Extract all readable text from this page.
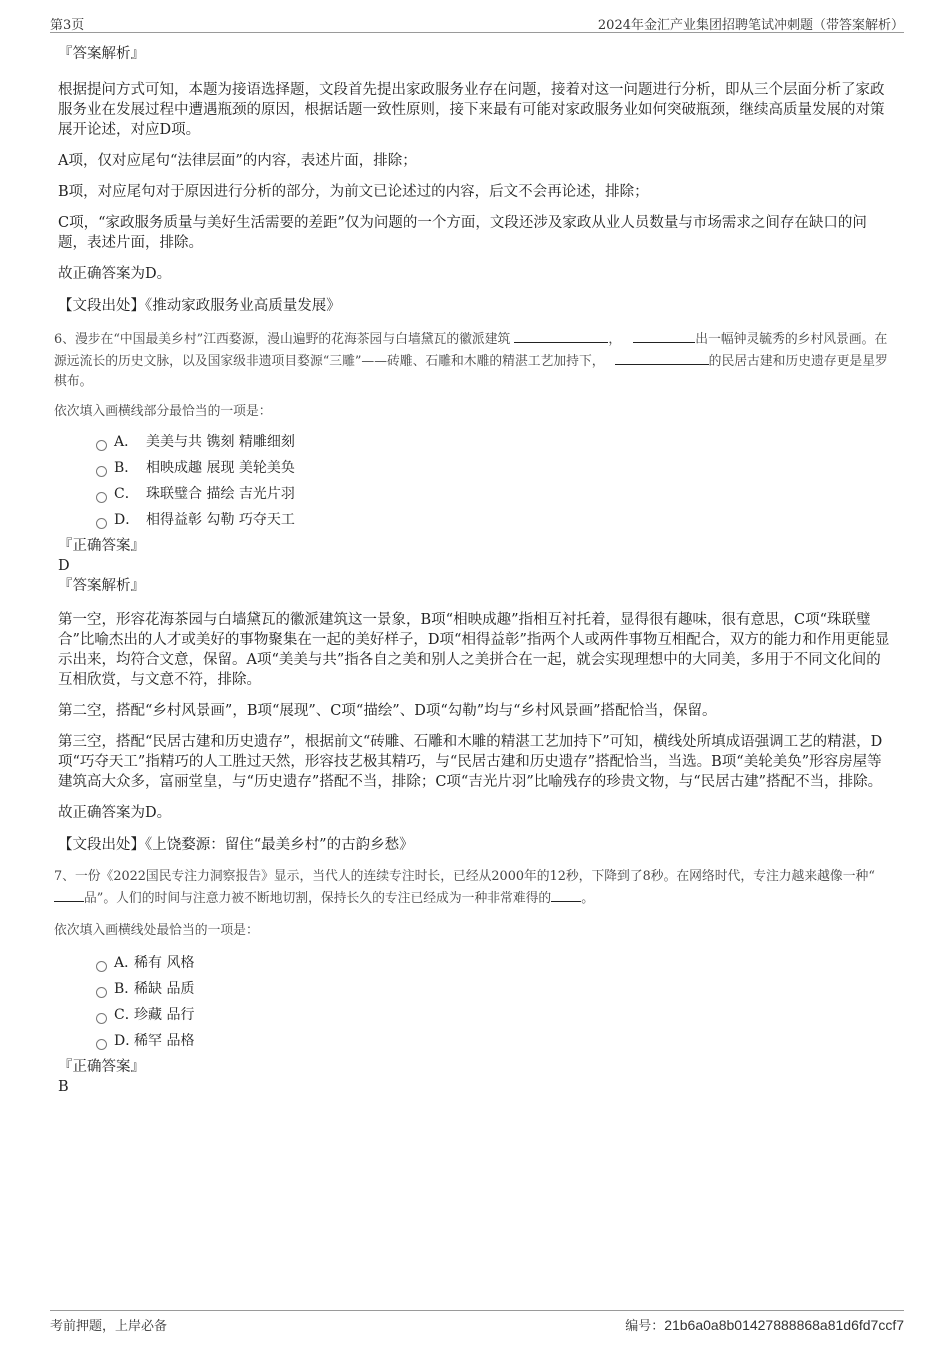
第3页	2024年金汇产业集团招聘笔试冲刺题（带答案解析）

『答案解析』

根据提问方式可知，本题为接语选择题，文段首先提出家政服务业存在问题，接着对这一问题进行分析，即从三个层面分析了家政服务业在发展过程中遭遇瓶颈的原因，根据话题一致性原则，接下来最有可能对家政服务业如何突破瓶颈，继续高质量发展的对策展开论述，对应D项。

A项，仅对应尾句“法律层面”的内容，表述片面，排除；

B项，对应尾句对于原因进行分析的部分，为前文已论述过的内容，后文不会再论述，排除；

C项，“家政服务质量与美好生活需要的差距”仅为问题的一个方面，文段还涉及家政从业人员数量与市场需求之间存在缺口的问题，表述片面，排除。

故正确答案为D。

【文段出处】《推动家政服务业高质量发展》

6、漫步在“中国最美乡村”江西婺源，漫山遍野的花海茶园与白墙黛瓦的徽派建筑	，	出一幅钟灵毓秀的乡村风景画。在源远流长的历史文脉，以及国家级非遗项目婺源“三雕”——砖雕、石雕和木雕的精湛工艺加持下，	的民居古建和历史遗存更是星罗棋布。

依次填入画横线部分最恰当的一项是：

A． 美美与共 镌刻 精雕细刻
B． 相映成趣 展现 美轮美奂
C． 珠联璧合 描绘 吉光片羽
D． 相得益彰 勾勒 巧夺天工

『正确答案』

D

『答案解析』

第一空，形容花海茶园与白墙黛瓦的徽派建筑这一景象，B项“相映成趣”指相互衬托着，显得很有趣味，很有意思，C项“珠联璧合”比喻杰出的人才或美好的事物聚集在一起的美好样子，D项“相得益彰”指两个人或两件事物互相配合，双方的能力和作用更能显示出来，均符合文意，保留。A项“美美与共”指各自之美和别人之美拼合在一起，就会实现理想中的大同美，多用于不同文化间的互相欣赏，与文意不符，排除。

第二空，搭配“乡村风景画”，B项“展现”、C项“描绘”、D项“勾勒”均与“乡村风景画”搭配恰当，保留。

第三空，搭配“民居古建和历史遗存”，根据前文“砖雕、石雕和木雕的精湛工艺加持下”可知，横线处所填成语强调工艺的精湛，D项“巧夺天工”指精巧的人工胜过天然，形容技艺极其精巧，与“民居古建和历史遗存”搭配恰当，当选。B项“美轮美奂”形容房屋等建筑高大众多，富丽堂皇，与“历史遗存”搭配不当，排除；C项“吉光片羽”比喻残存的珍贵文物，与“民居古建”搭配不当，排除。

故正确答案为D。

【文段出处】《上饶婺源：留住“最美乡村”的古韵乡愁》

7、一份《2022国民专注力洞察报告》显示，当代人的连续专注时长，已经从2000年的12秒，下降到了8秒。在网络时代，专注力越来越像一种“品”。人们的时间与注意力被不断地切割，保持长久的专注已经成为一种非常难得的 。

依次填入画横线处最恰当的一项是：

A．稀有 风格
B．稀缺 品质
C．珍藏 品行
D．稀罕 品格

『正确答案』

B

考前押题，上岸必备	编号：21b6a0a8b01427888868a81d6fd7ccf7
